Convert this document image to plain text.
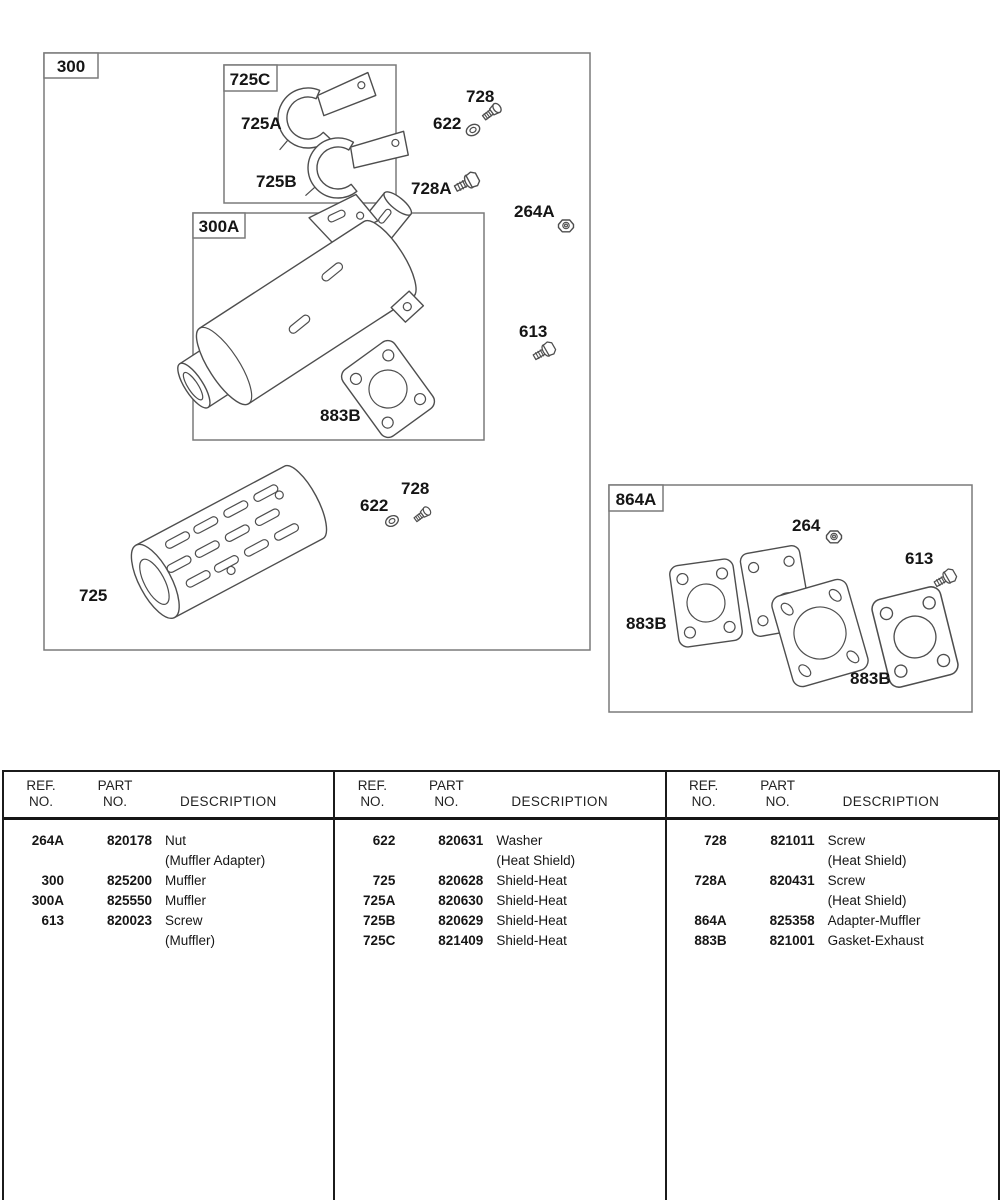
300
725C
300A
864A
725A
725B
728
622
728A
264A
613
883B
725
622
728
264
613
883B
883B
REF.
NO.
PART
NO.	DESCRIPTION
264A	820178 Nut
(Muffler Adapter)
300	825200 Muffler
300A	825550 Muffler
613	820023 Screw
(Muffler)
REF.
NO.
PART
NO.	DESCRIPTION
622	820631 Washer
(Heat Shield)
725	820628 Shield-Heat
725A	820630 Shield-Heat
725B	820629 Shield-Heat
725C	821409 Shield-Heat
REF.
NO.
PART
NO.	DESCRIPTION
728	821011 Screw
(Heat Shield)
728A	820431 Screw
(Heat Shield)
864A	825358 Adapter-Muffler
883B	821001 Gasket-Exhaust
